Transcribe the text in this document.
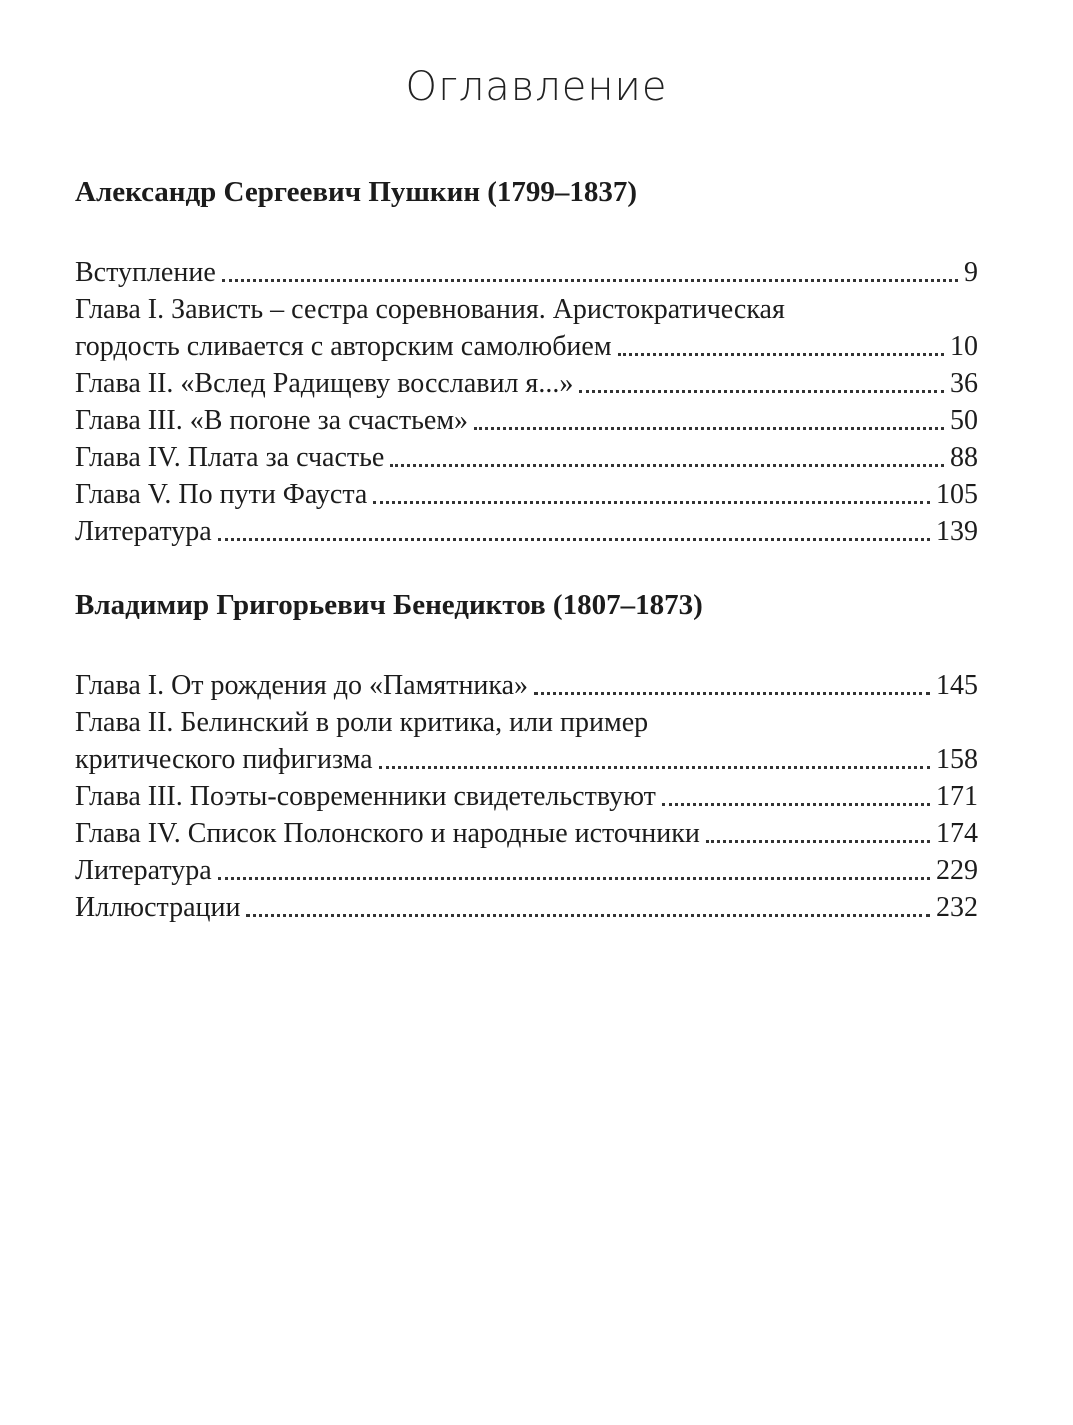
Оглавление
Александр Сергеевич Пушкин (1799–1837)
Вступление	9
Глава I. Зависть – сестра соревнования. Аристократическая
гордость сливается с авторским самолюбием	10
Глава II. «Вслед Радищеву восславил я...»	36
Глава III. «В погоне за счастьем»	50
Глава IV. Плата за счастье	88
Глава V. По пути Фауста	105
Литература	139
Владимир Григорьевич Бенедиктов (1807–1873)
Глава I. От рождения до «Памятника»	145
Глава II. Белинский в роли критика, или пример
критического пифигизма	158
Глава III. Поэты-современники свидетельствуют	171
Глава IV. Список Полонского и народные источники	174
Литература	229
Иллюстрации	232
